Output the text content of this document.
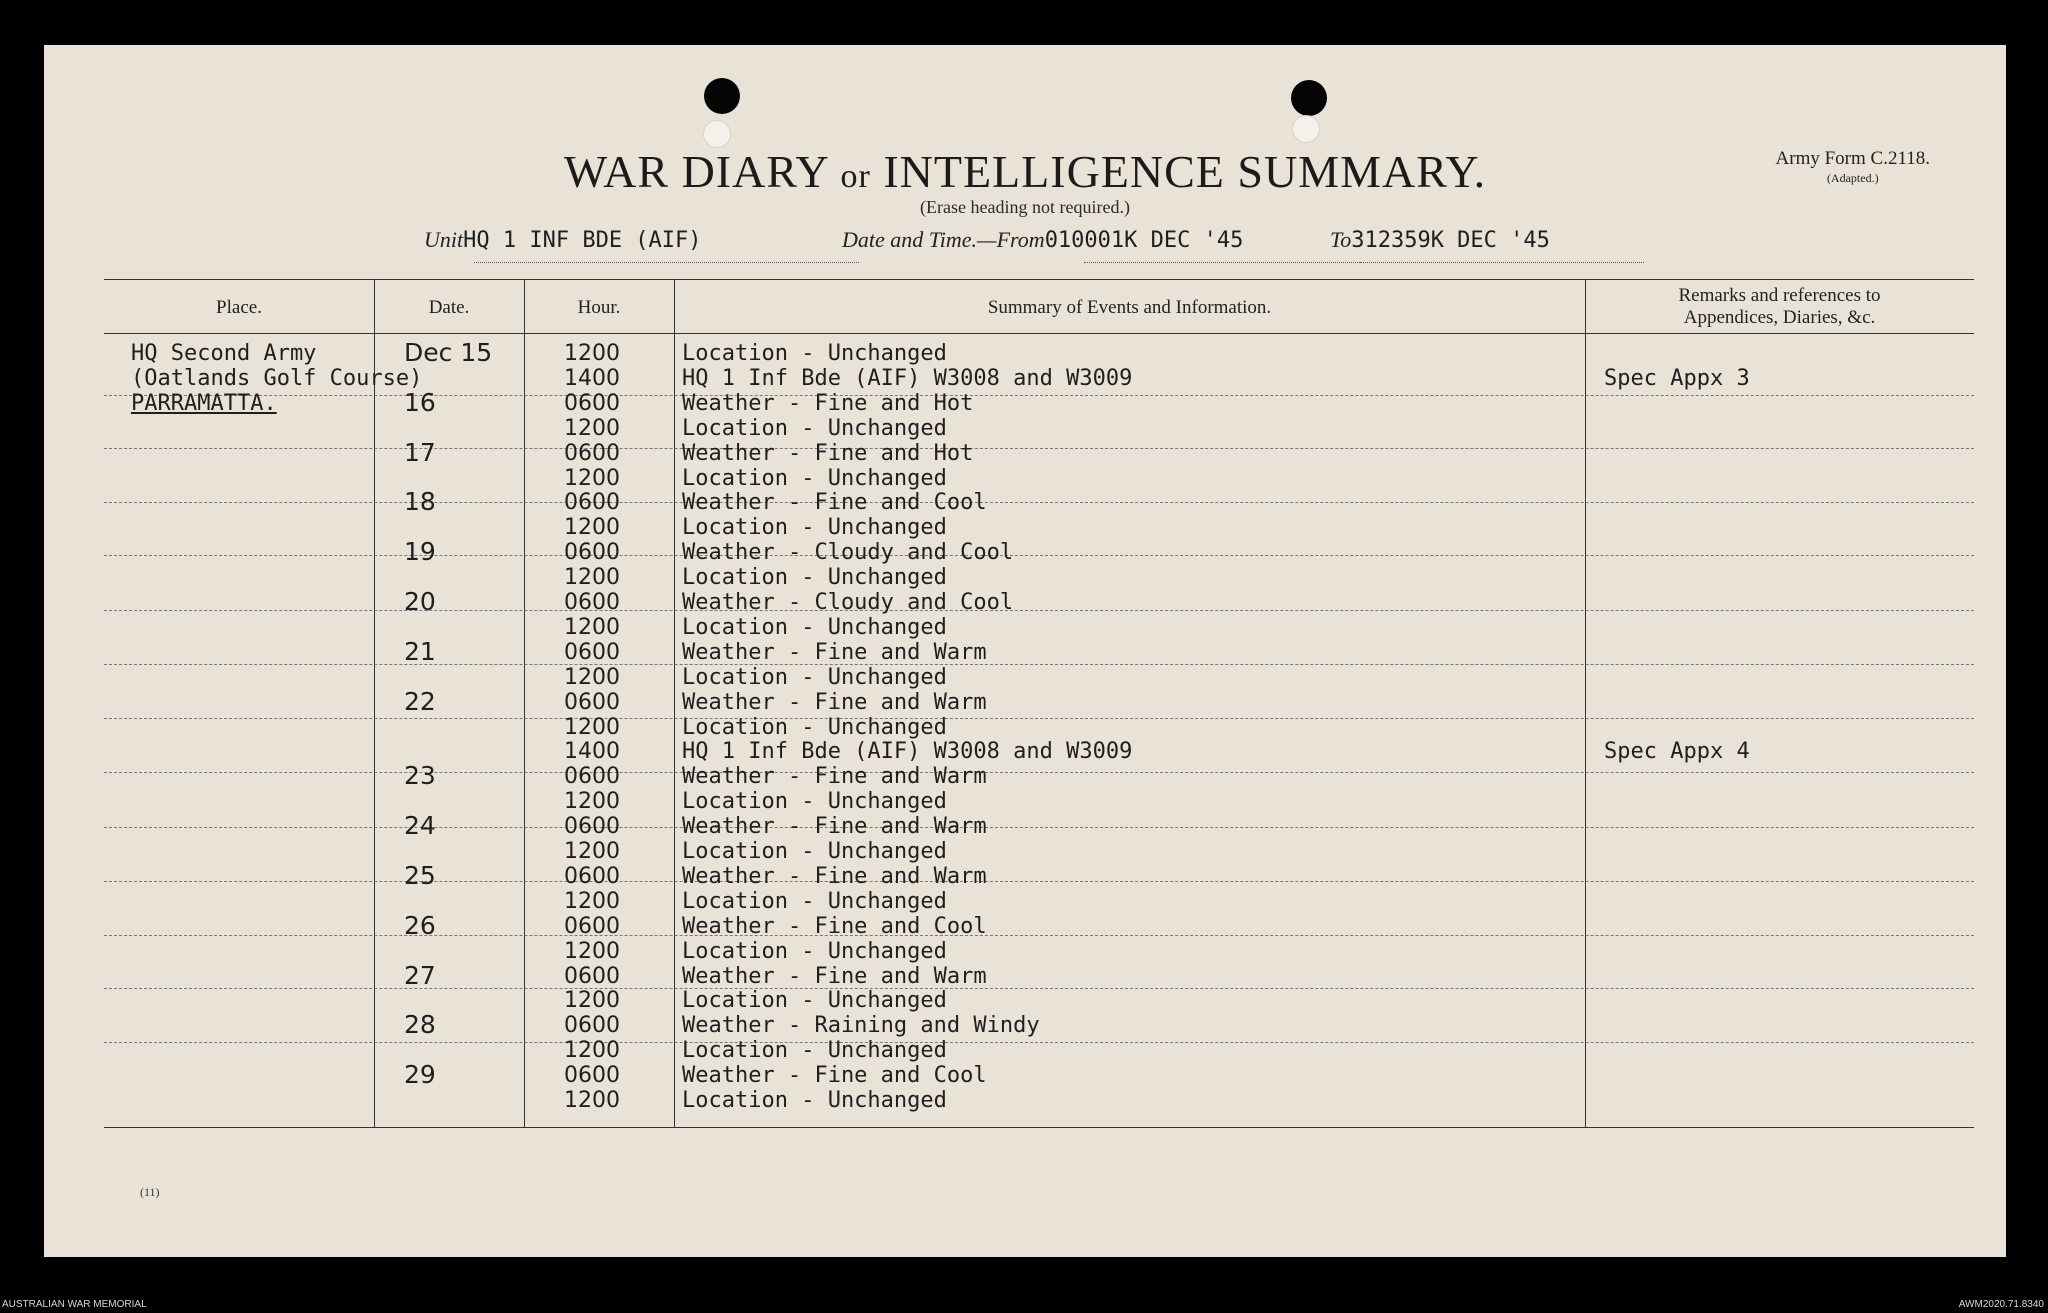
WAR DIARY or INTELLIGENCE SUMMARY.
(Erase heading not required.)
Army Form C.2118.
(Adapted.)
UnitHQ 1 INF BDE (AIF)	Date and Time.—From010001K DEC '45	To312359K DEC '45
Place.	Date.	Hour.	Summary of Events and Information.
Remarks and references to
Appendices, Diaries, &c.
HQ Second Army
(Oatlands Golf Course)
PARRAMATTA.
Dec 15	1200	Location - Unchanged
1400	HQ 1 Inf Bde (AIF) W3008 and W3009	Spec Appx 3
16	0600	Weather - Fine and Hot
1200	Location - Unchanged
17	0600	Weather - Fine and Hot
1200	Location - Unchanged
18	0600	Weather - Fine and Cool
1200	Location - Unchanged
19	0600	Weather - Cloudy and Cool
1200	Location - Unchanged
20	0600	Weather - Cloudy and Cool
1200	Location - Unchanged
21	0600	Weather - Fine and Warm
1200	Location - Unchanged
22	0600	Weather - Fine and Warm
1200	Location - Unchanged
1400	HQ 1 Inf Bde (AIF) W3008 and W3009	Spec Appx 4
23	0600	Weather - Fine and Warm
1200	Location - Unchanged
24	0600	Weather - Fine and Warm
1200	Location - Unchanged
25	0600	Weather - Fine and Warm
1200	Location - Unchanged
26	0600	Weather - Fine and Cool
1200	Location - Unchanged
27	0600	Weather - Fine and Warm
1200	Location - Unchanged
28	0600	Weather - Raining and Windy
1200	Location - Unchanged
29	0600	Weather - Fine and Cool
1200	Location - Unchanged
(11)
AUSTRALIAN WAR MEMORIAL	AWM2020.71.8340
